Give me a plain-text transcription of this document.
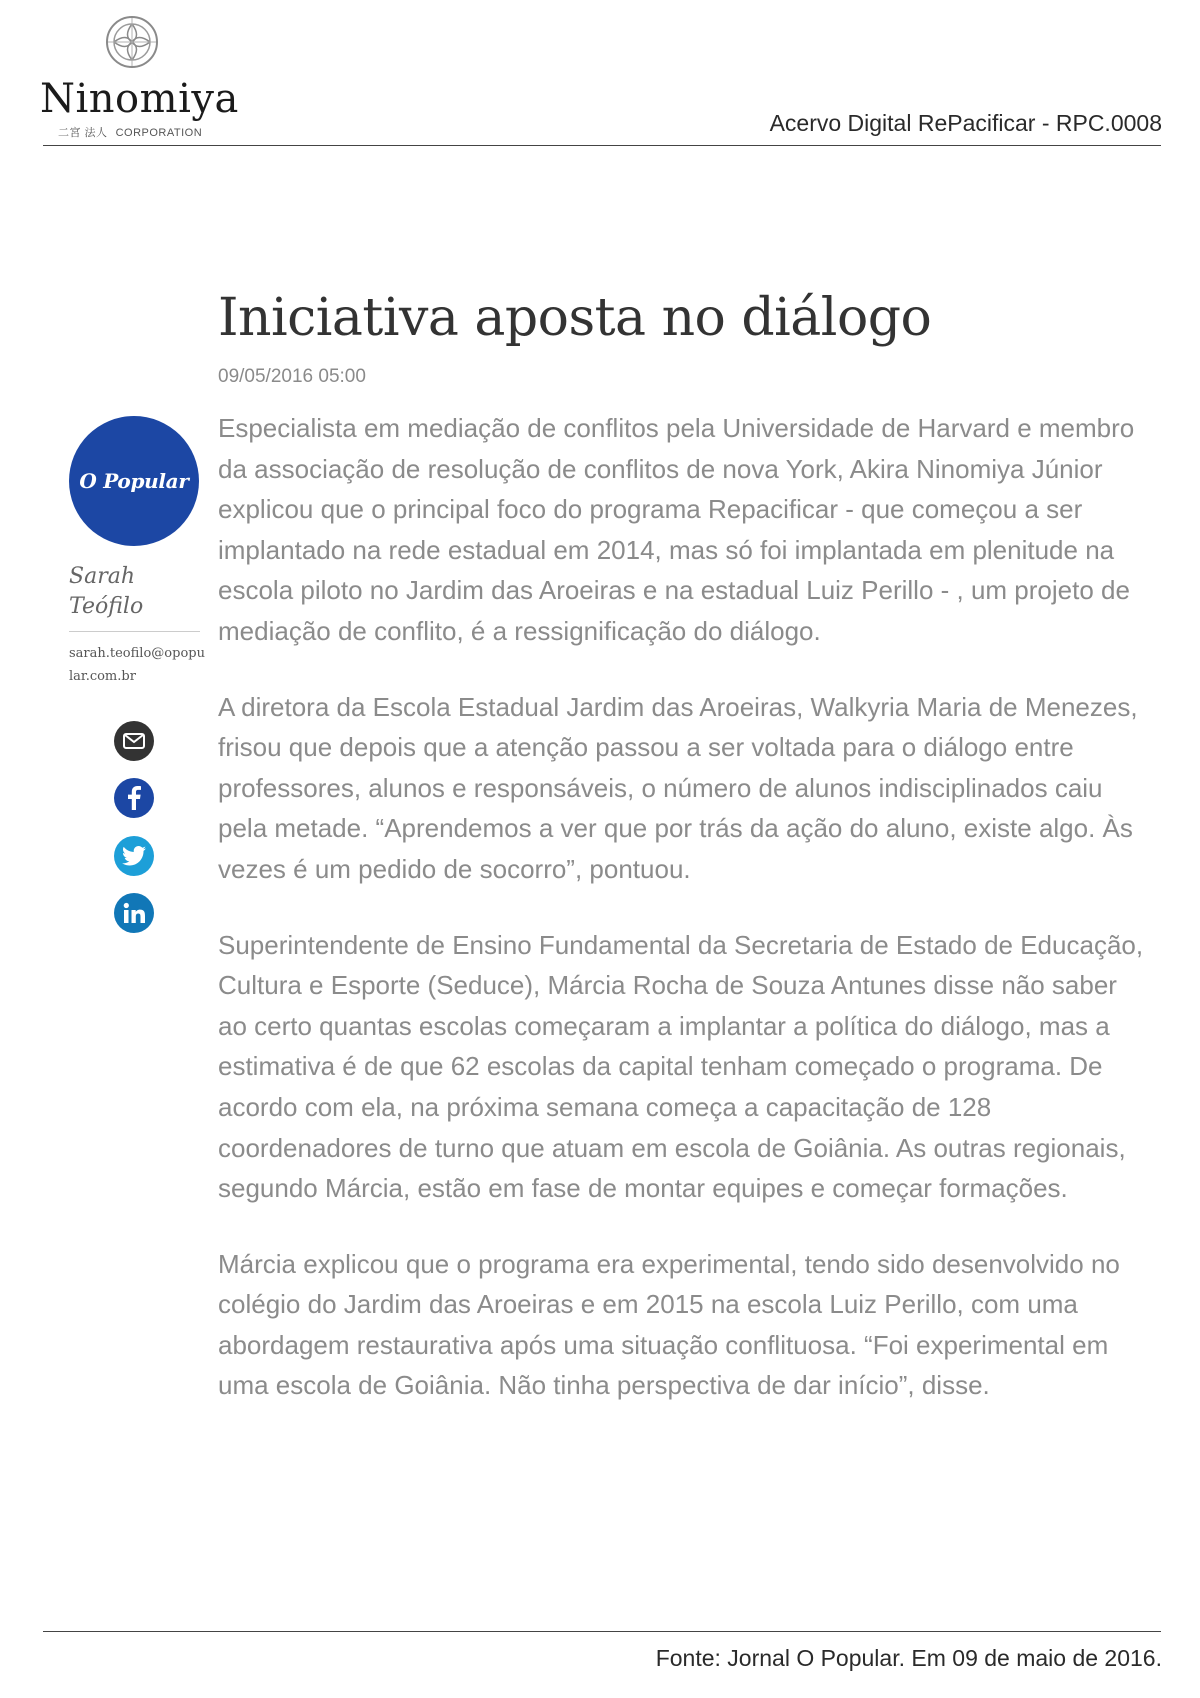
Ninomiya
二宮 法人 CORPORATION	Acervo Digital RePacificar - RPC.0008
O Popular
Sarah Teófilo
sarah.teofilo@opopular.com.br
Iniciativa aposta no diálogo
09/05/2016 05:00

Especialista em mediação de conflitos pela Universidade de Harvard e membro da associação de resolução de conflitos de nova York, Akira Ninomiya Júnior explicou que o principal foco do programa Repacificar - que começou a ser implantado na rede estadual em 2014, mas só foi implantada em plenitude na escola piloto no Jardim das Aroeiras e na estadual Luiz Perillo - , um projeto de mediação de conflito, é a ressignificação do diálogo.

A diretora da Escola Estadual Jardim das Aroeiras, Walkyria Maria de Menezes, frisou que depois que a atenção passou a ser voltada para o diálogo entre professores, alunos e responsáveis, o número de alunos indisciplinados caiu pela metade. “Aprendemos a ver que por trás da ação do aluno, existe algo. Às vezes é um pedido de socorro”, pontuou.

Superintendente de Ensino Fundamental da Secretaria de Estado de Educação, Cultura e Esporte (Seduce), Márcia Rocha de Souza Antunes disse não saber ao certo quantas escolas começaram a implantar a política do diálogo, mas a estimativa é de que 62 escolas da capital tenham começado o programa. De acordo com ela, na próxima semana começa a capacitação de 128 coordenadores de turno que atuam em escola de Goiânia. As outras regionais, segundo Márcia, estão em fase de montar equipes e começar formações.

Márcia explicou que o programa era experimental, tendo sido desenvolvido no colégio do Jardim das Aroeiras e em 2015 na escola Luiz Perillo, com uma abordagem restaurativa após uma situação conflituosa. “Foi experimental em uma escola de Goiânia. Não tinha perspectiva de dar início”, disse.

Fonte: Jornal O Popular. Em 09 de maio de 2016.
